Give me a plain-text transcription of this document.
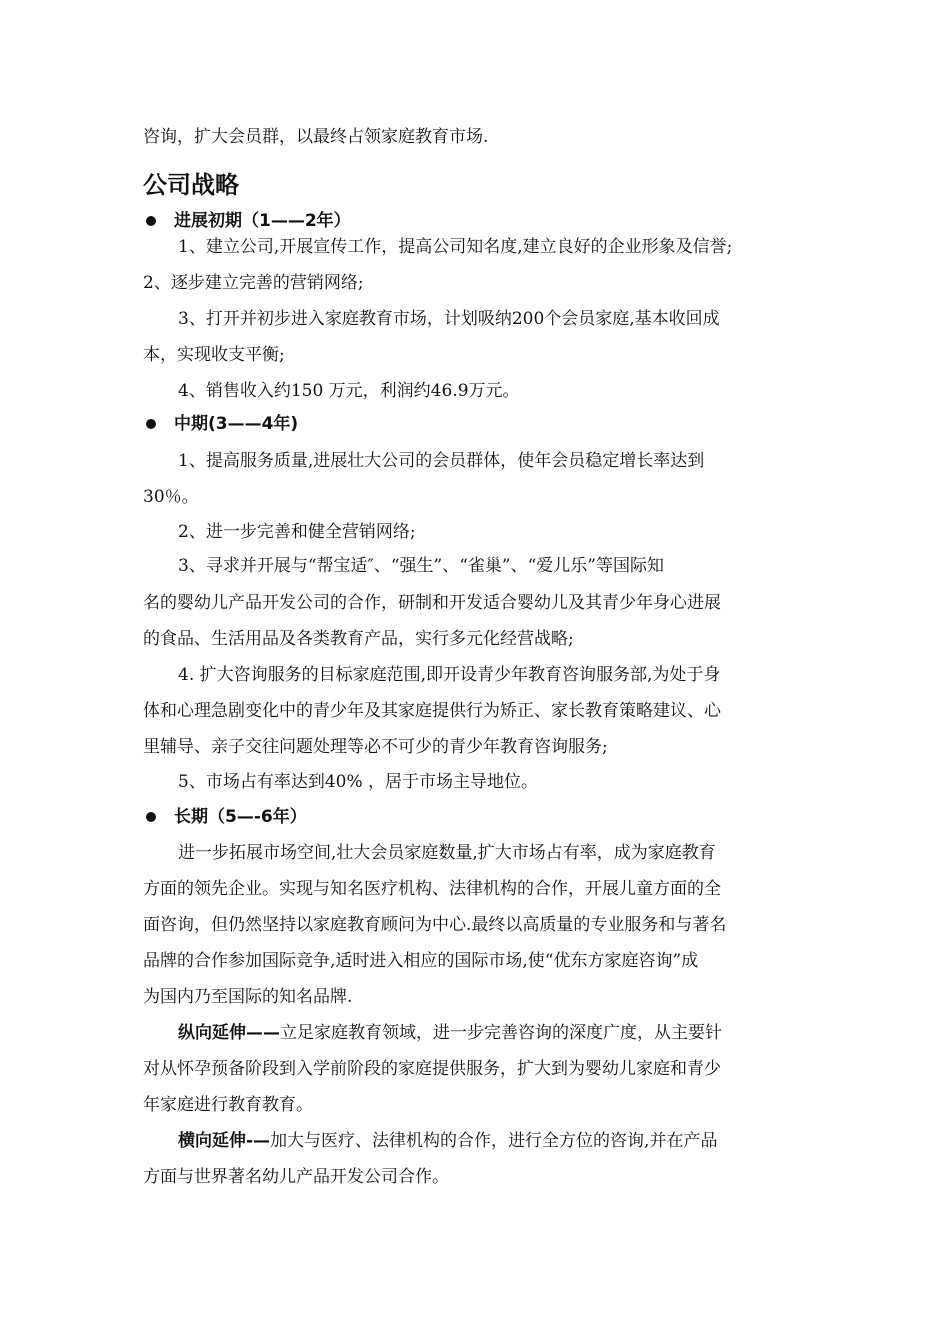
咨询，扩大会员群，以最终占领家庭教育市场.
公司战略
进展初期（1——2年）
1、建立公司,开展宣传工作，提高公司知名度,建立良好的企业形象及信誉;
2、逐步建立完善的营销网络;
3、打开并初步进入家庭教育市场，计划吸纳200个会员家庭,基本收回成
本，实现收支平衡;
4、销售收入约150 万元，利润约46.9万元。
中期(3——4年)
1、提高服务质量,进展壮大公司的会员群体，使年会员稳定增长率达到
30％。
2、进一步完善和健全营销网络;
3、寻求并开展与“帮宝适″、“强生”、“雀巢”、“爱儿乐”等国际知
名的婴幼儿产品开发公司的合作，研制和开发适合婴幼儿及其青少年身心进展
的食品、生活用品及各类教育产品，实行多元化经营战略;
4. 扩大咨询服务的目标家庭范围,即开设青少年教育咨询服务部,为处于身
体和心理急剧变化中的青少年及其家庭提供行为矫正、家长教育策略建议、心
里辅导、亲子交往问题处理等必不可少的青少年教育咨询服务;
5、市场占有率达到40% ，居于市场主导地位。
长期（5—-6年）
进一步拓展市场空间,壮大会员家庭数量,扩大市场占有率，成为家庭教育
方面的领先企业。实现与知名医疗机构、法律机构的合作，开展儿童方面的全
面咨询，但仍然坚持以家庭教育顾问为中心.最终以高质量的专业服务和与著名
品牌的合作参加国际竞争,适时进入相应的国际市场,使“优东方家庭咨询”成
为国内乃至国际的知名品牌.
纵向延伸——立足家庭教育领域，进一步完善咨询的深度广度，从主要针
对从怀孕预备阶段到入学前阶段的家庭提供服务，扩大到为婴幼儿家庭和青少
年家庭进行教育教育。
横向延伸-—加大与医疗、法律机构的合作，进行全方位的咨询,并在产品
方面与世界著名幼儿产品开发公司合作。
